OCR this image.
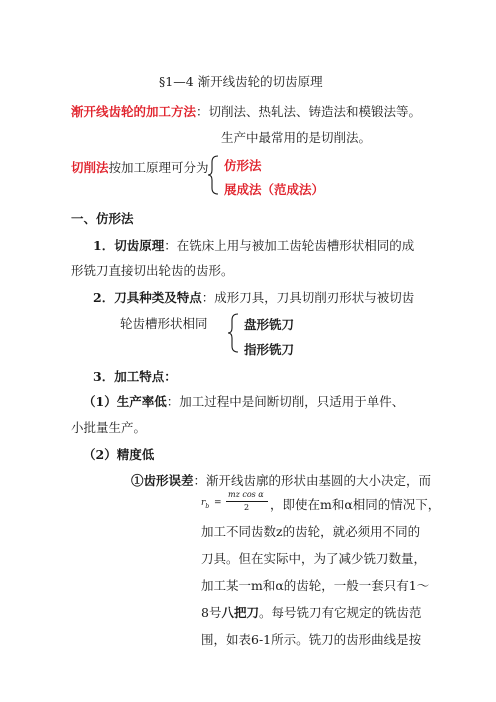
§1—4 渐开线齿轮的切齿原理
渐开线齿轮的加工方法：切削法、热轧法、铸造法和模锻法等。
生产中最常用的是切削法。
切削法按加工原理可分为 仿形法
展成法（范成法）
一、仿形法
1．切齿原理：在铣床上用与被加工齿轮齿槽形状相同的成
形铣刀直接切出轮齿的齿形。
2．刀具种类及特点：成形刀具，刀具切削刃形状与被切齿
轮齿槽形状相同	盘形铣刀
指形铣刀
3．加工特点：
（1）生产率低：加工过程中是间断切削，只适用于单件、
小批量生产。
（2）精度低
①齿形误差：渐开线齿廓的形状由基圆的大小决定，而
$r_b$ =
mz cos α
2 ，即使在m和α相同的情况下，
加工不同齿数z的齿轮，就必须用不同的
刀具。但在实际中，为了减少铣刀数量，
加工某一m和α的齿轮，一般一套只有1～
8号八把刀。每号铣刀有它规定的铣齿范
围，如表6-1所示。铣刀的齿形曲线是按
